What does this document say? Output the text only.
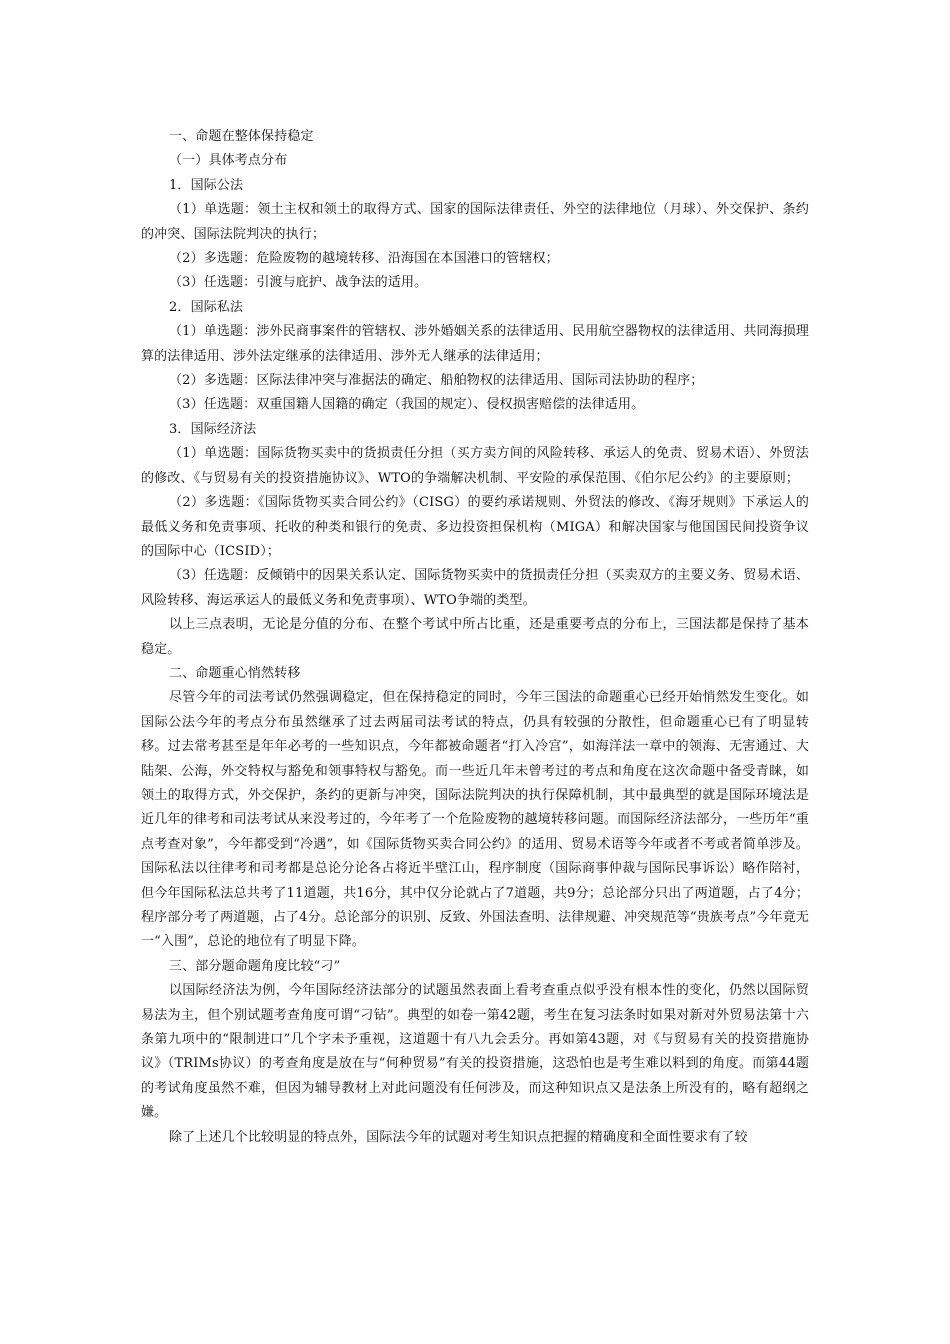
一、命题在整体保持稳定

（一）具体考点分布

1．国际公法

（1）单选题：领土主权和领土的取得方式、国家的国际法律责任、外空的法律地位（月球）、外交保护、条约的冲突、国际法院判决的执行；

（2）多选题：危险废物的越境转移、沿海国在本国港口的管辖权；

（3）任选题：引渡与庇护、战争法的适用。

2．国际私法

（1）单选题：涉外民商事案件的管辖权、涉外婚姻关系的法律适用、民用航空器物权的法律适用、共同海损理算的法律适用、涉外法定继承的法律适用、涉外无人继承的法律适用；

（2）多选题：区际法律冲突与准据法的确定、船舶物权的法律适用、国际司法协助的程序；

（3）任选题：双重国籍人国籍的确定（我国的规定）、侵权损害赔偿的法律适用。

3．国际经济法

（1）单选题：国际货物买卖中的货损责任分担（买方卖方间的风险转移、承运人的免责、贸易术语）、外贸法的修改、《与贸易有关的投资措施协议》、WTO的争端解决机制、平安险的承保范围、《伯尔尼公约》的主要原则；

（2）多选题：《国际货物买卖合同公约》（CISG）的要约承诺规则、外贸法的修改、《海牙规则》下承运人的最低义务和免责事项、托收的种类和银行的免责、多边投资担保机构（MIGA）和解决国家与他国国民间投资争议的国际中心（ICSID）；

（3）任选题：反倾销中的因果关系认定、国际货物买卖中的货损责任分担（买卖双方的主要义务、贸易术语、风险转移、海运承运人的最低义务和免责事项）、WTO争端的类型。

以上三点表明，无论是分值的分布、在整个考试中所占比重，还是重要考点的分布上，三国法都是保持了基本稳定。

二、命题重心悄然转移

尽管今年的司法考试仍然强调稳定，但在保持稳定的同时，今年三国法的命题重心已经开始悄然发生变化。如国际公法今年的考点分布虽然继承了过去两届司法考试的特点，仍具有较强的分散性，但命题重心已有了明显转移。过去常考甚至是年年必考的一些知识点，今年都被命题者“打入冷宫”，如海洋法一章中的领海、无害通过、大陆架、公海，外交特权与豁免和领事特权与豁免。而一些近几年未曾考过的考点和角度在这次命题中备受青睐，如领土的取得方式，外交保护，条约的更新与冲突，国际法院判决的执行保障机制，其中最典型的就是国际环境法是近几年的律考和司法考试从来没考过的，今年考了一个危险废物的越境转移问题。而国际经济法部分，一些历年“重点考查对象”，今年都受到“冷遇”，如《国际货物买卖合同公约》的适用、贸易术语等今年或者不考或者简单涉及。国际私法以往律考和司考都是总论分论各占将近半壁江山，程序制度（国际商事仲裁与国际民事诉讼）略作陪衬，但今年国际私法总共考了11道题，共16分，其中仅分论就占了7道题，共9分；总论部分只出了两道题，占了4分；程序部分考了两道题，占了4分。总论部分的识别、反致、外国法查明、法律规避、冲突规范等“贵族考点”今年竟无一“入围”，总论的地位有了明显下降。

三、部分题命题角度比较“刁”

以国际经济法为例，今年国际经济法部分的试题虽然表面上看考查重点似乎没有根本性的变化，仍然以国际贸易法为主，但个别试题考查角度可谓“刁钻”。典型的如卷一第42题，考生在复习法条时如果对新对外贸易法第十六条第九项中的“限制进口”几个字未予重视，这道题十有八九会丢分。再如第43题，对《与贸易有关的投资措施协议》（TRIMs协议）的考查角度是放在与“何种贸易”有关的投资措施，这恐怕也是考生难以料到的角度。而第44题的考试角度虽然不难，但因为辅导教材上对此问题没有任何涉及，而这种知识点又是法条上所没有的，略有超纲之嫌。

除了上述几个比较明显的特点外，国际法今年的试题对考生知识点把握的精确度和全面性要求有了较
